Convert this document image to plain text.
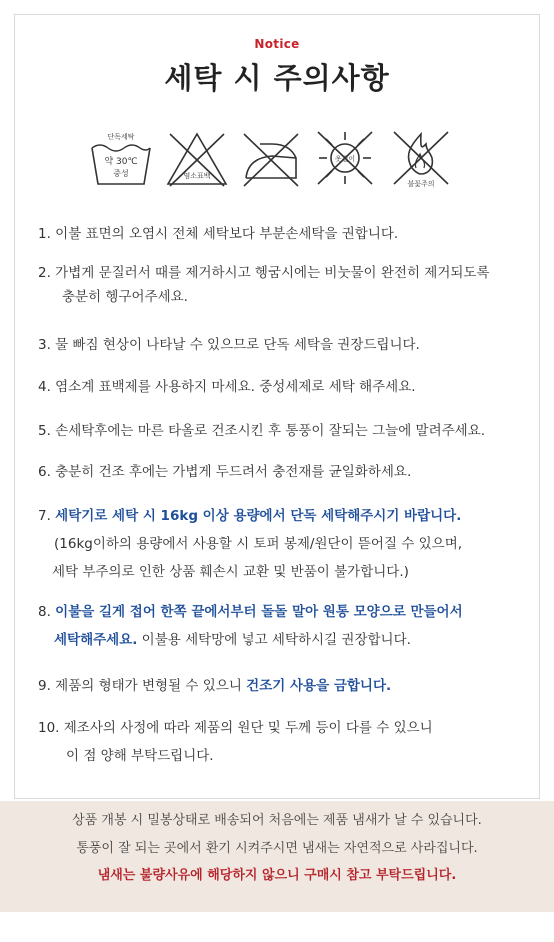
Notice
세탁 시 주의사항
단독세탁
약 30℃
중성	염소표백
옷걸이
불꽃주의
1. 이불 표면의 오염시 전체 세탁보다 부분손세탁을 권합니다.
2. 가볍게 문질러서 때를 제거하시고 헹굼시에는 비눗물이 완전히 제거되도록
충분히 헹구어주세요.
3. 물 빠짐 현상이 나타날 수 있으므로 단독 세탁을 권장드립니다.
4. 염소계 표백제를 사용하지 마세요. 중성세제로 세탁 해주세요.
5. 손세탁후에는 마른 타올로 건조시킨 후 통풍이 잘되는 그늘에 말려주세요.
6. 충분히 건조 후에는 가볍게 두드려서 충전재를 균일화하세요.
7. 세탁기로 세탁 시 16kg 이상 용량에서 단독 세탁해주시기 바랍니다.
(16kg이하의 용량에서 사용할 시 토퍼 봉제/원단이 뜯어질 수 있으며,
세탁 부주의로 인한 상품 훼손시 교환 및 반품이 불가합니다.)
8. 이불을 길게 접어 한쪽 끝에서부터 돌돌 말아 원통 모양으로 만들어서
세탁해주세요. 이불용 세탁망에 넣고 세탁하시길 권장합니다.
9. 제품의 형태가 변형될 수 있으니 건조기 사용을 금합니다.
10. 제조사의 사정에 따라 제품의 원단 및 두께 등이 다를 수 있으니
이 점 양해 부탁드립니다.
상품 개봉 시 밀봉상태로 배송되어 처음에는 제품 냄새가 날 수 있습니다.
통풍이 잘 되는 곳에서 환기 시켜주시면 냄새는 자연적으로 사라집니다.
냄새는 불량사유에 해당하지 않으니 구매시 참고 부탁드립니다.
